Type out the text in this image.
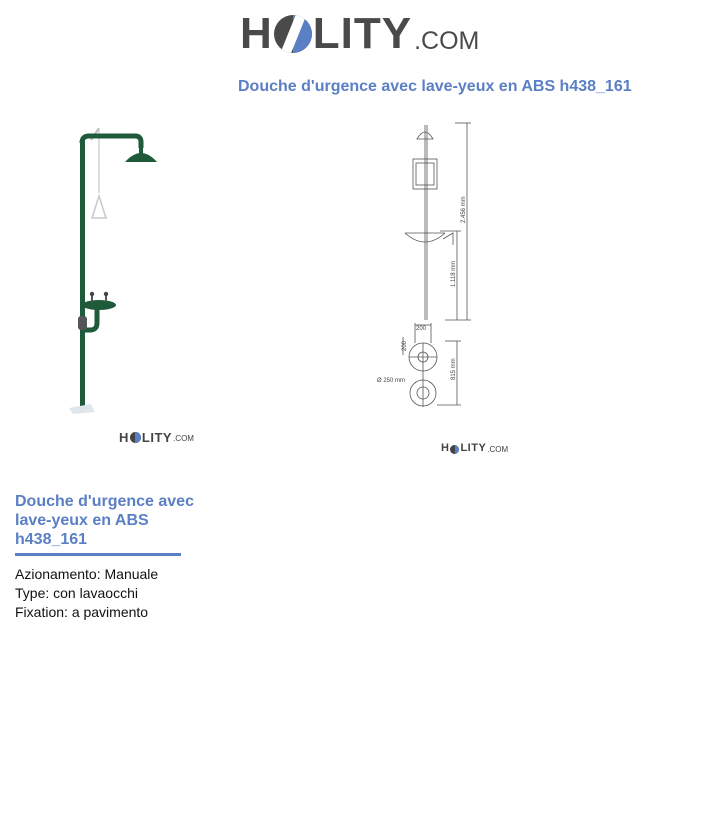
H LITY .COM
Douche d'urgence avec lave-yeux en ABS h438_161
2.456 mm
1.118 mm
200
200
Ø 250 mm
815 mm
H LITY .COM
H LITY .COM
Douche d'urgence avec lave-yeux en ABS h438_161
Azionamento: Manuale
Type: con lavaocchi
Fixation: a pavimento
